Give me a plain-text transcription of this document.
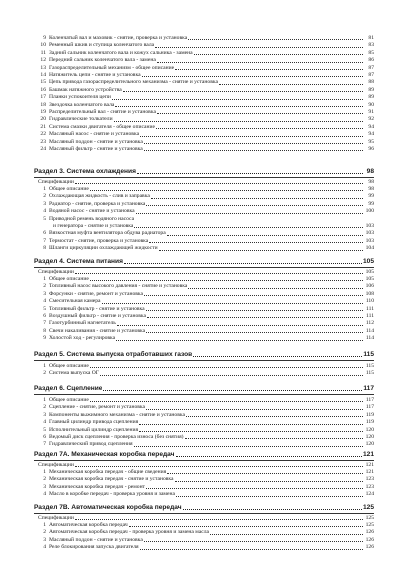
9 Коленчатый вал и маховик - снятие, проверка и установка	81
10 Ременный шкив и ступица коленчатого вала	83
11 Задний сальник коленчатого вала и кожух сальника - замена	85
12 Передний сальник коленчатого вала - замена	86
13 Газораспределительный механизм - общее описание	87
14 Натяжитель цепи - снятие и установка	87
15 Цепь привода газораспределительного механизма - снятие и установка	88
16 Башмак натяжного устройства	89
17 Планки успокоителя цепи	89
18 Звездочка коленчатого вала	90
19 Распределительный вал - снятие и установка	91
20 Гидравлические толкатели	92
21 Система смазки двигателя - общее описание	94
22 Масляный насос - снятие и установка	94
23 Масляный поддон - снятие и установка	95
24 Масляный фильтр - снятие и установка	96
Раздел 3. Система охлаждения	98
Спецификации	98
1 Общее описание	98
2 Охлаждающая жидкость - слив и заправка	99
3 Радиатор - снятие, проверка и установка	99
4 Водяной насос - снятие и установка	100
5 Приводной ремень водяного насоса
и генератора - снятие и установка	103
6 Вязкостная муфта вентилятора обдува радиатора	103
7 Термостат - снятие, проверка и установка	103
8 Шланги циркуляции охлаждающей жидкости	104
Раздел 4. Система питания	105
Спецификации	105
1 Общее описание	105
2 Топливный насос высокого давления - снятие и установка	106
3 Форсунки - снятие, ремонт и установка	108
4 Смесительная камера	110
5 Топливный фильтр - снятие и установка	111
6 Воздушный фильтр - снятие и установка	111
7 Газотурбинный нагнетатель	112
8 Свечи накаливания - снятие и установка	114
9 Холостой ход - регулировка	114
Раздел 5. Система выпуска отработавших газов	115
1 Общее описание	115
2 Система выпуска ОГ	115
Раздел 6. Сцепление	117
1 Общее описание	117
2 Сцепление - снятие, ремонт и установка	117
3 Компоненты выжимного механизма - снятие и установка	119
4 Главный цилиндр привода сцепления	119
5 Исполнительный цилиндр сцепления	120
6 Ведомый диск сцепления - проверка износа (без снятия)	120
7 Гидравлический привод сцепления	120
Раздел 7А. Механическая коробка передач	121
Спецификации	121
1 Механическая коробка передач - общие сведения	121
2 Механическая коробка передач - снятие и установка	123
3 Механическая коробка передач - ремонт	123
4 Масло в коробке передач - проверка уровня и замена	124
Раздел 7В. Автоматическая коробка передач	125
Спецификации	125
1 Автоматическая коробка передач	125
2 Автоматическая коробка передач - проверка уровня и замена масла	126
3 Масляный поддон - снятие и установка	126
4 Реле блокирования запуска двигателя	126
